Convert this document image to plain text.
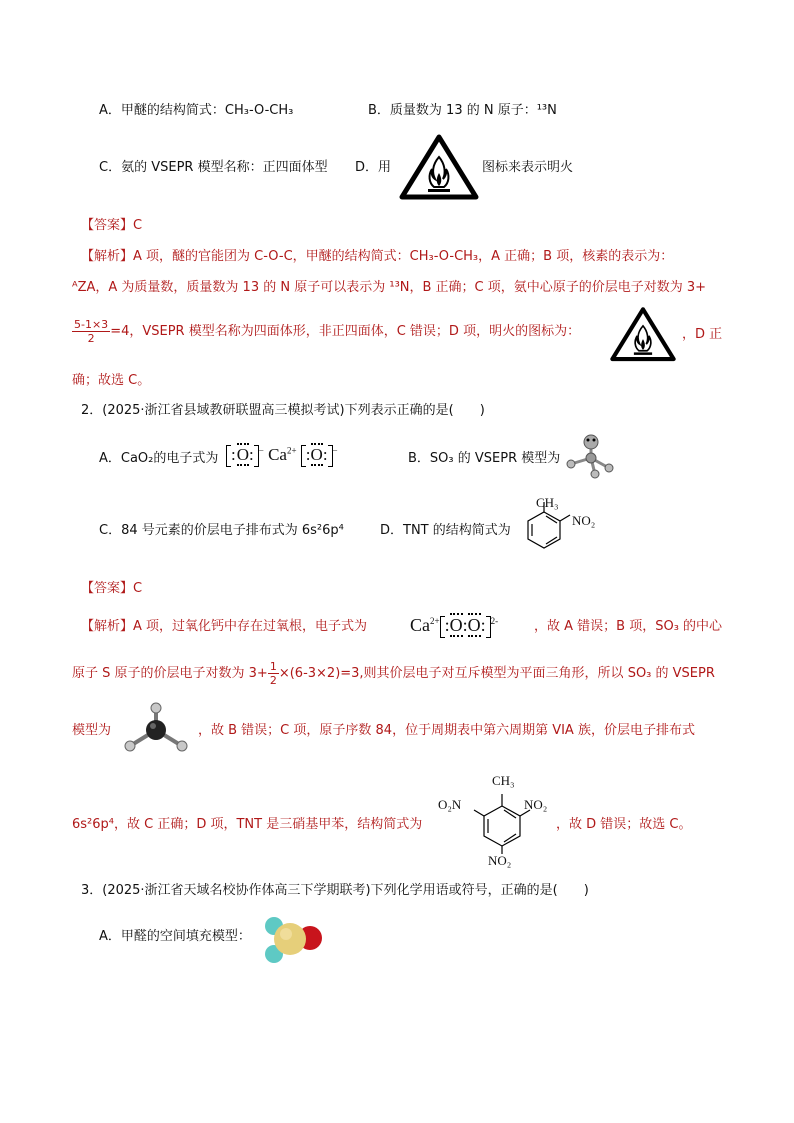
A．甲醚的结构简式：CH₃-O-CH₃	B．质量数为 13 的 N 原子：¹³N
C．氨的 VSEPR 模型名称：正四面体型 D．用	图标来表示明火
【答案】C
【解析】A 项，醚的官能团为 C-O-C，甲醚的结构简式：CH₃-O-CH₃，A 正确；B 项，核素的表示为：
ᴬZA，A 为质量数，质量数为 13 的 N 原子可以表示为 ¹³N，B 正确；C 项，氨中心原子的价层电子对数为 3+
$\frac{5-1\times 3}{2} =4$，VSEPR 模型名称为四面体形，非正四面体，C 错误；D 项，明火的图标为：	，D 正
确；故选 C。
2．(2025·浙江省县域教研联盟高三模拟考试)下列表示正确的是(　　)
A．CaO₂的电子式为 :O: − $Ca^{2+}$ :O: −
B．SO₃ 的 VSEPR 模型为
C．84 号元素的价层电子排布式为 6s²6p⁴	D．TNT 的结构简式为
CH₃
NO₂
【答案】C
【解析】A 项，过氧化钙中存在过氧根，电子式为 $Ca^{2+}$ :O:O: $^{2-}$	，故 A 错误；B 项，SO₃ 的中心
原子 S 原子的价层电子对数为 $3+ \frac{1}{2} \times(6-3\times 2)=3$,则其价层电子对互斥模型为平面三角形，所以 SO₃ 的 VSEPR
模型为	，故 B 错误；C 项，原子序数 84，位于周期表中第六周期第 VIA 族，价层电子排布式
6s²6p⁴，故 C 正确；D 项，TNT 是三硝基甲苯，结构简式为
CH₃
O₂N	NO₂
NO₂
，故 D 错误；故选 C。
3．(2025·浙江省天域名校协作体高三下学期联考)下列化学用语或符号，正确的是(　　)
A．甲醛的空间填充模型：
